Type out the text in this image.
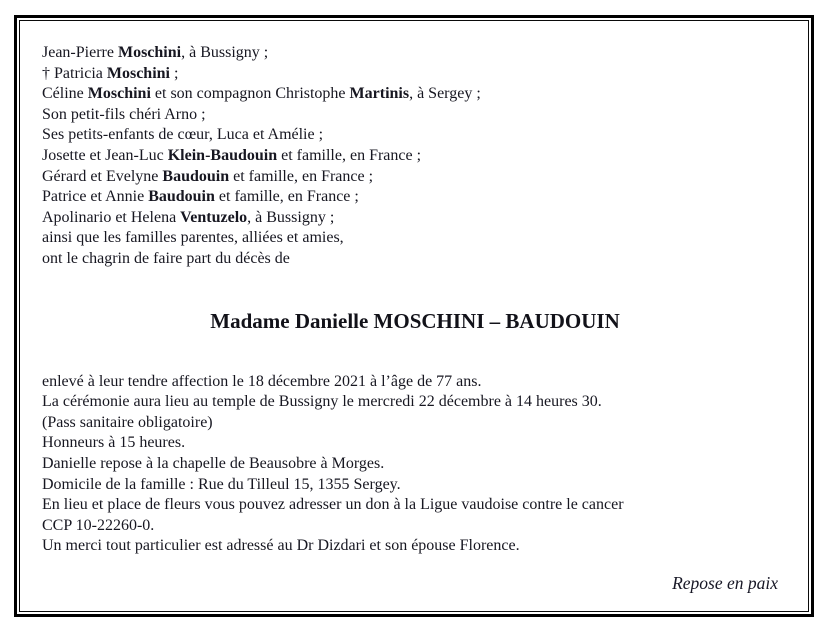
Jean-Pierre Moschini, à Bussigny ;
† Patricia Moschini ;
Céline Moschini et son compagnon Christophe Martinis, à Sergey ;
Son petit-fils chéri Arno ;
Ses petits-enfants de cœur, Luca et Amélie ;
Josette et Jean-Luc Klein-Baudouin et famille, en France ;
Gérard et Evelyne Baudouin et famille, en France ;
Patrice et Annie Baudouin et famille, en France ;
Apolinario et Helena Ventuzelo, à Bussigny ;
ainsi que les familles parentes, alliées et amies,
ont le chagrin de faire part du décès de
Madame Danielle MOSCHINI – BAUDOUIN
enlevé à leur tendre affection le 18 décembre 2021 à l’âge de 77 ans.
La cérémonie aura lieu au temple de Bussigny le mercredi 22 décembre à 14 heures 30.
(Pass sanitaire obligatoire)
Honneurs à 15 heures.
Danielle repose à la chapelle de Beausobre à Morges.
Domicile de la famille : Rue du Tilleul 15, 1355 Sergey.
En lieu et place de fleurs vous pouvez adresser un don à la Ligue vaudoise contre le cancer
CCP 10-22260-0.
Un merci tout particulier est adressé au Dr Dizdari et son épouse Florence.
Repose en paix
